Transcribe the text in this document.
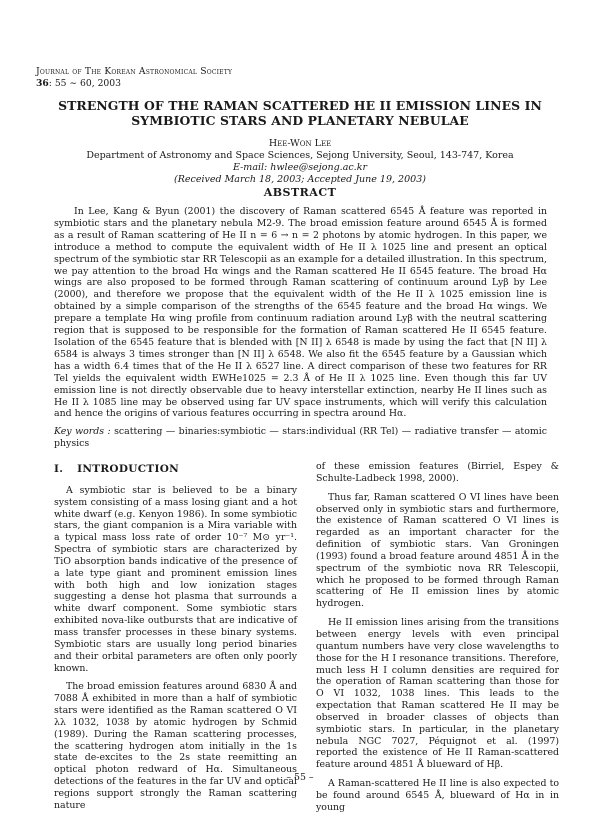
Journal of The Korean Astronomical Society
36: 55 ∼ 60, 2003
STRENGTH OF THE RAMAN SCATTERED HE II EMISSION LINES IN
SYMBIOTIC STARS AND PLANETARY NEBULAE
Hee-Won Lee
Department of Astronomy and Space Sciences, Sejong University, Seoul, 143-747, Korea
E-mail: hwlee@sejong.ac.kr
(Received March 18, 2003; Accepted June 19, 2003)
ABSTRACT
In Lee, Kang & Byun (2001) the discovery of Raman scattered 6545 Å feature was reported in symbiotic stars and the planetary nebula M2-9. The broad emission feature around 6545 Å is formed as a result of Raman scattering of He II n = 6 → n = 2 photons by atomic hydrogen. In this paper, we introduce a method to compute the equivalent width of He II λ 1025 line and present an optical spectrum of the symbiotic star RR Telescopii as an example for a detailed illustration. In this spectrum, we pay attention to the broad Hα wings and the Raman scattered He II 6545 feature. The broad Hα wings are also proposed to be formed through Raman scattering of continuum around Lyβ by Lee (2000), and therefore we propose that the equivalent width of the He II λ 1025 emission line is obtained by a simple comparison of the strengths of the 6545 feature and the broad Hα wings. We prepare a template Hα wing profile from continuum radiation around Lyβ with the neutral scattering region that is supposed to be responsible for the formation of Raman scattered He II 6545 feature. Isolation of the 6545 feature that is blended with [N II] λ 6548 is made by using the fact that [N II] λ 6584 is always 3 times stronger than [N II] λ 6548. We also fit the 6545 feature by a Gaussian which has a width 6.4 times that of the He II λ 6527 line. A direct comparison of these two features for RR Tel yields the equivalent width EWHe1025 = 2.3 Å of He II λ 1025 line. Even though this far UV emission line is not directly observable due to heavy interstellar extinction, nearby He II lines such as He II λ 1085 line may be observed using far UV space instruments, which will verify this calculation and hence the origins of various features occurring in spectra around Hα.
Key words : scattering — binaries:symbiotic — stars:individual (RR Tel) — radiative transfer — atomic physics
I. INTRODUCTION

A symbiotic star is believed to be a binary system consisting of a mass losing giant and a hot white dwarf (e.g. Kenyon 1986). In some symbiotic stars, the giant companion is a Mira variable with a typical mass loss rate of order 10⁻⁷ M⊙ yr⁻¹. Spectra of symbiotic stars are characterized by TiO absorption bands indicative of the presence of a late type giant and prominent emission lines with both high and low ionization stages suggesting a dense hot plasma that surrounds a white dwarf component. Some symbiotic stars exhibited nova-like outbursts that are indicative of mass transfer processes in these binary systems. Symbiotic stars are usually long period binaries and their orbital parameters are often only poorly known.

The broad emission features around 6830 Å and 7088 Å exhibited in more than a half of symbiotic stars were identified as the Raman scattered O VI λλ 1032, 1038 by atomic hydrogen by Schmid (1989). During the Raman scattering processes, the scattering hydrogen atom initially in the 1s state de-excites to the 2s state reemitting an optical photon redward of Hα. Simultaneous detections of the features in the far UV and optical regions support strongly the Raman scattering nature

of these emission features (Birriel, Espey & Schulte-Ladbeck 1998, 2000).

Thus far, Raman scattered O VI lines have been observed only in symbiotic stars and furthermore, the existence of Raman scattered O VI lines is regarded as an important character for the definition of symbiotic stars. Van Groningen (1993) found a broad feature around 4851 Å in the spectrum of the symbiotic nova RR Telescopii, which he proposed to be formed through Raman scattering of He II emission lines by atomic hydrogen.

He II emission lines arising from the transitions between energy levels with even principal quantum numbers have very close wavelengths to those for the H I resonance transitions. Therefore, much less H I column densities are required for the operation of Raman scattering than those for O VI 1032, 1038 lines. This leads to the expectation that Raman scattered He II may be observed in broader classes of objects than symbiotic stars. In particular, in the planetary nebula NGC 7027, Péquignot et al. (1997) reported the existence of He II Raman-scattered feature around 4851 Å blueward of Hβ.

A Raman-scattered He II line is also expected to be found around 6545 Å, blueward of Hα in in young

– 55 –
